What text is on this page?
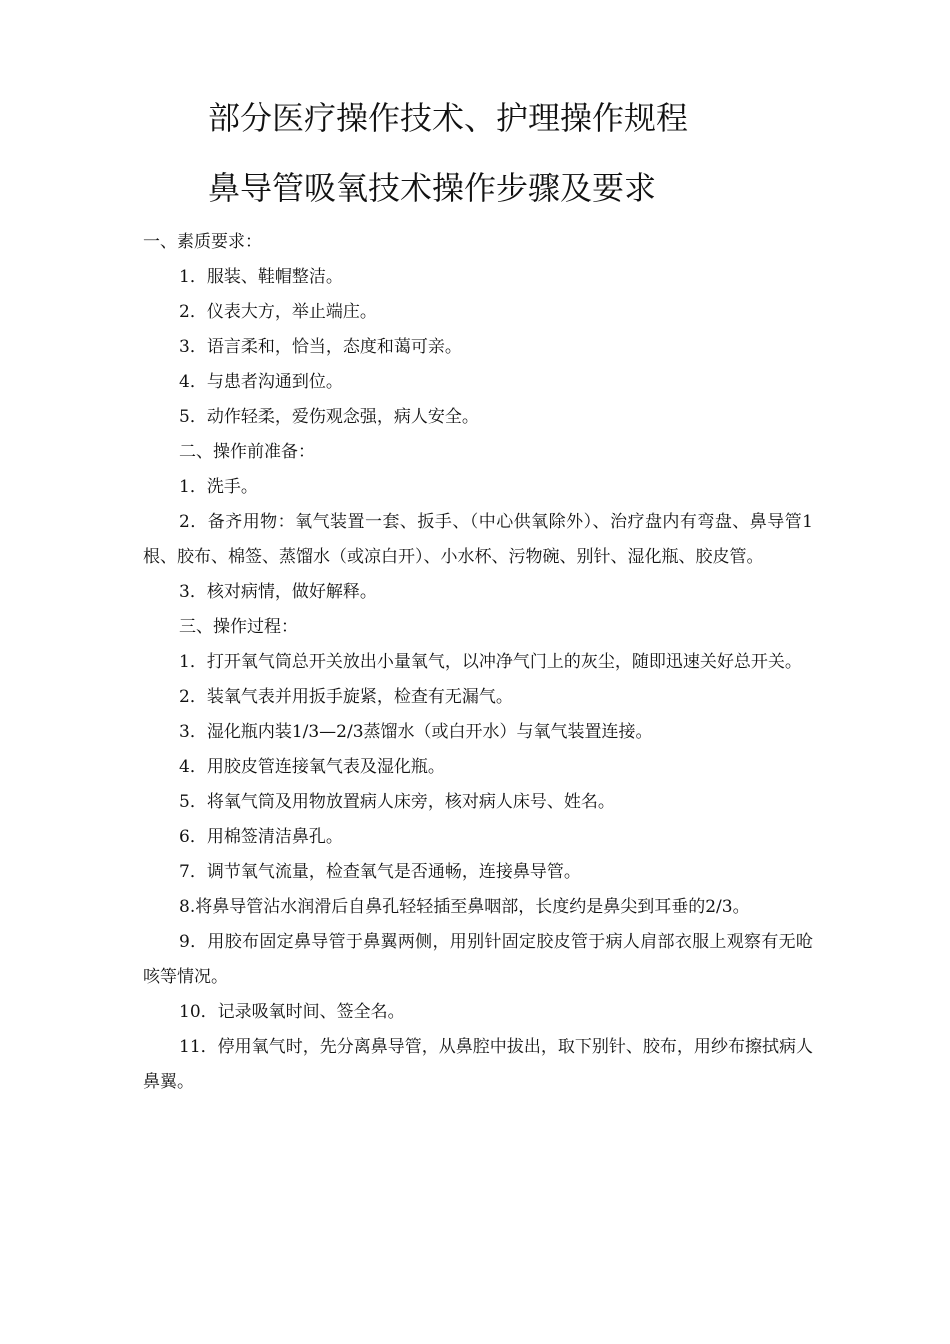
部分医疗操作技术、护理操作规程
鼻导管吸氧技术操作步骤及要求

一、素质要求：

1．服装、鞋帽整洁。

2．仪表大方，举止端庄。

3．语言柔和，恰当，态度和蔼可亲。

4．与患者沟通到位。

5．动作轻柔，爱伤观念强，病人安全。

二、操作前准备：

1．洗手。

2．备齐用物：氧气装置一套、扳手、（中心供氧除外）、治疗盘内有弯盘、鼻导管1根、胶布、棉签、蒸馏水（或凉白开）、小水杯、污物碗、别针、湿化瓶、胶皮管。

3．核对病情，做好解释。

三、操作过程：

1．打开氧气筒总开关放出小量氧气，以冲净气门上的灰尘，随即迅速关好总开关。

2．装氧气表并用扳手旋紧，检查有无漏气。

3．湿化瓶内装1/3—2/3蒸馏水（或白开水）与氧气装置连接。

4．用胶皮管连接氧气表及湿化瓶。

5．将氧气筒及用物放置病人床旁，核对病人床号、姓名。

6．用棉签清洁鼻孔。

7．调节氧气流量，检查氧气是否通畅，连接鼻导管。

8.将鼻导管沾水润滑后自鼻孔轻轻插至鼻咽部，长度约是鼻尖到耳垂的2/3。

9．用胶布固定鼻导管于鼻翼两侧，用别针固定胶皮管于病人肩部衣服上观察有无呛咳等情况。

10．记录吸氧时间、签全名。

11．停用氧气时，先分离鼻导管，从鼻腔中拔出，取下别针、胶布，用纱布擦拭病人鼻翼。
